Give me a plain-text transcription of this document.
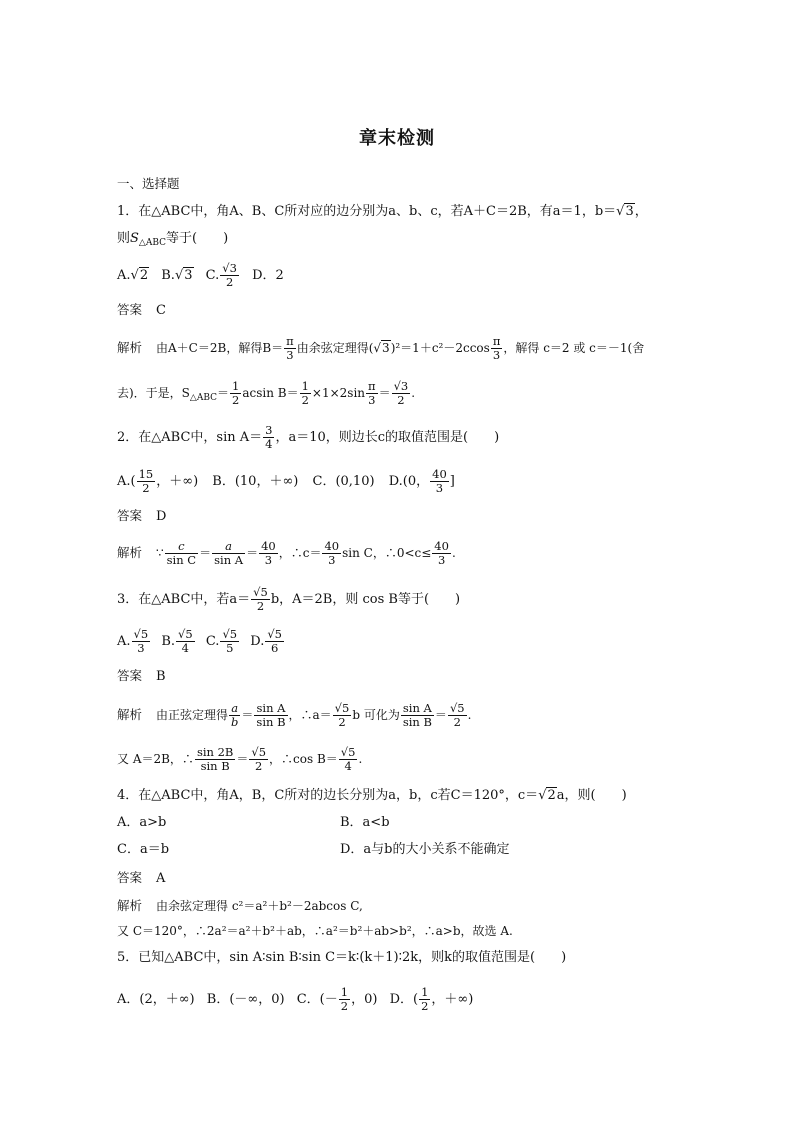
章末检测
一、选择题
1．在△ABC中，角A、B、C所对应的边分别为a、b、c，若A＋C＝2B，有a＝1，b＝√3，
则$S_{\triangle ABC}$等于(　　)
A.√2 B.√3 C. $\frac{√3}{2}$ D．2
答案 C
解析 由A＋C＝2B，解得$B= \frac{\pi}{3}$ 由余弦定理得$(√3)^2=1+c^2-2ccos \frac{\pi}{3}$ ，解得 c＝2 或 c＝－1(舍
去)．于是，$S_{\triangle ABC}= \frac{1}{2}$ acsin $B= \frac{1}{2} \times 1\times 2\sin \frac{\pi}{3} = \frac{√3}{2}$ .
2．在△ABC中，$\sin A= \frac{3}{4}$ ，a＝10，则边长c的取值范围是(　　)
$A.( \frac{15}{2}$ ，＋∞) B．(10，＋∞) C．(0,10) D.(0， $\frac{40}{3}$ ]
答案 D
解析 ∵ $\frac{c}{\text{sin C}} = \frac{a}{\text{sin A}} = \frac{40}{3}$ ，∴c＝ $\frac{40}{3}$ sin C，∴0<c≤ $\frac{40}{3}$ .
3．在△ABC中，若$a= \frac{√5}{2}$ b，A＝2B，则 cos B等于(　　)
A. $\frac{√5}{3} B$. $\frac{√5}{4} C$. $\frac{√5}{5} D$. $\frac{√5}{6}$
答案 B
解析 由正弦定理得 $\frac{a}{b} = \frac{\text{sin A}}{\text{sin B}}$ ，∴a＝ $\frac{√5}{2}$ b 可化为 $\frac{\text{sin A}}{\text{sin B}} = \frac{√5}{2}$ .
又 A＝2B，∴ $\frac{\sin 2B}{\text{sin B}} = \frac{√5}{2}$ ，∴cos $B= \frac{√5}{4}$ .
4．在△ABC中，角A，B，C所对的边长分别为a，b，c若C＝120°，c＝√2a，则(　　)
A．a>b	B．a<b
C．a＝b	D．a与b的大小关系不能确定
答案 A
解析 由余弦定理得 c²＝a²＋b²－2abcos C,
又 C＝120°，∴2a²＝a²＋b²＋ab，∴a²＝b²＋ab>b²，∴a>b，故选 A.
5．已知△ABC中，sin A∶sin B∶sin C＝k∶(k＋1)∶2k，则k的取值范围是(　　)
A．(2，＋∞) B．(－∞，0) C．(－ $\frac{1}{2}$ ，0) D．( $\frac{1}{2}$ ，＋∞)
